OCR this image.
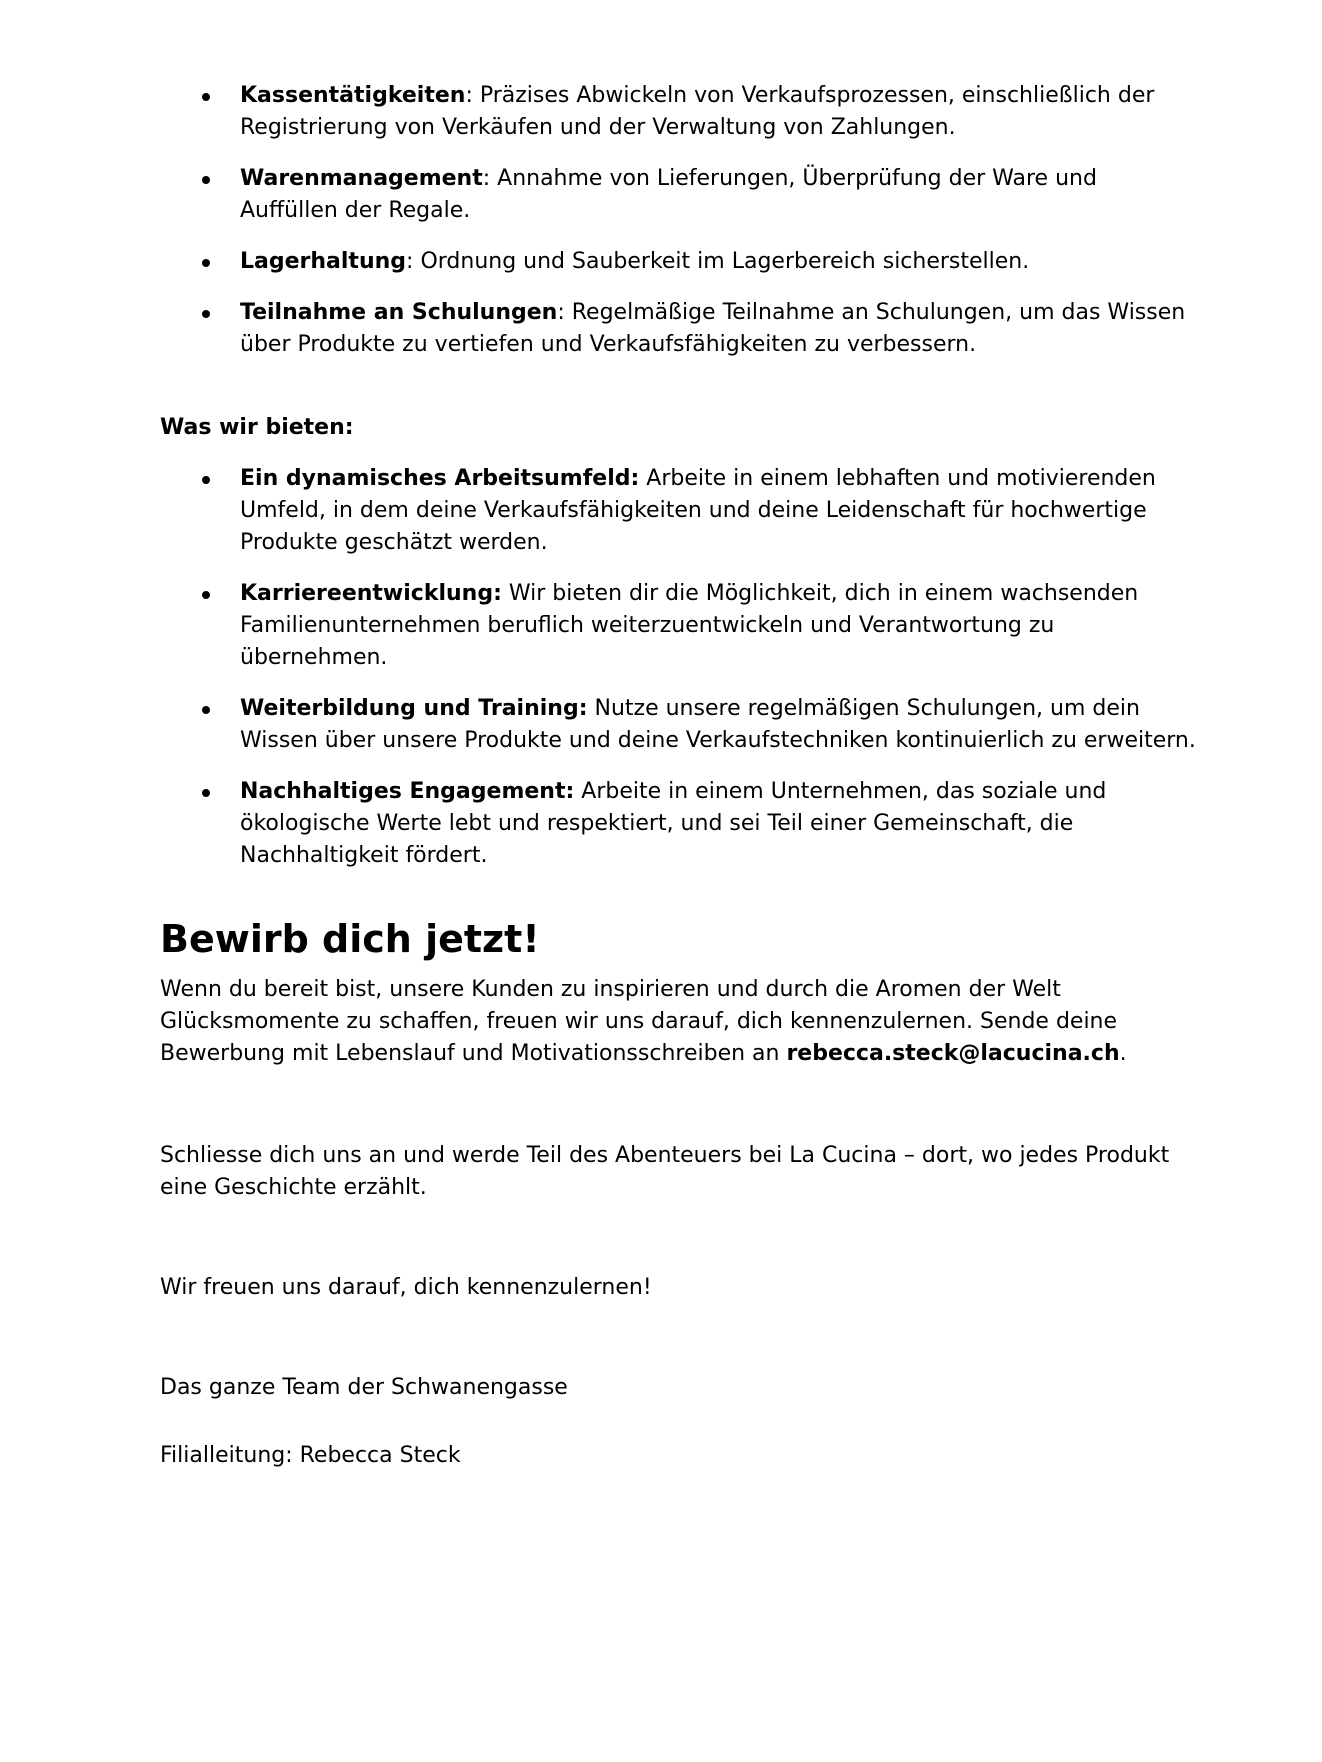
Kassentätigkeiten: Präzises Abwickeln von Verkaufsprozessen, einschließlich der Registrierung von Verkäufen und der Verwaltung von Zahlungen.
Warenmanagement: Annahme von Lieferungen, Überprüfung der Ware und Auffüllen der Regale.
Lagerhaltung: Ordnung und Sauberkeit im Lagerbereich sicherstellen.
Teilnahme an Schulungen: Regelmäßige Teilnahme an Schulungen, um das Wissen über Produkte zu vertiefen und Verkaufsfähigkeiten zu verbessern.
Was wir bieten:
Ein dynamisches Arbeitsumfeld: Arbeite in einem lebhaften und motivierenden Umfeld, in dem deine Verkaufsfähigkeiten und deine Leidenschaft für hochwertige Produkte geschätzt werden.
Karriereentwicklung: Wir bieten dir die Möglichkeit, dich in einem wachsenden Familienunternehmen beruflich weiterzuentwickeln und Verantwortung zu übernehmen.
Weiterbildung und Training: Nutze unsere regelmäßigen Schulungen, um dein Wissen über unsere Produkte und deine Verkaufstechniken kontinuierlich zu erweitern.
Nachhaltiges Engagement: Arbeite in einem Unternehmen, das soziale und ökologische Werte lebt und respektiert, und sei Teil einer Gemeinschaft, die Nachhaltigkeit fördert.
Bewirb dich jetzt!

Wenn du bereit bist, unsere Kunden zu inspirieren und durch die Aromen der Welt Glücksmomente zu schaffen, freuen wir uns darauf, dich kennenzulernen. Sende deine Bewerbung mit Lebenslauf und Motivationsschreiben an rebecca.steck@lacucina.ch.

Schliesse dich uns an und werde Teil des Abenteuers bei La Cucina – dort, wo jedes Produkt eine Geschichte erzählt.

Wir freuen uns darauf, dich kennenzulernen!

Das ganze Team der Schwanengasse

Filialleitung: Rebecca Steck
